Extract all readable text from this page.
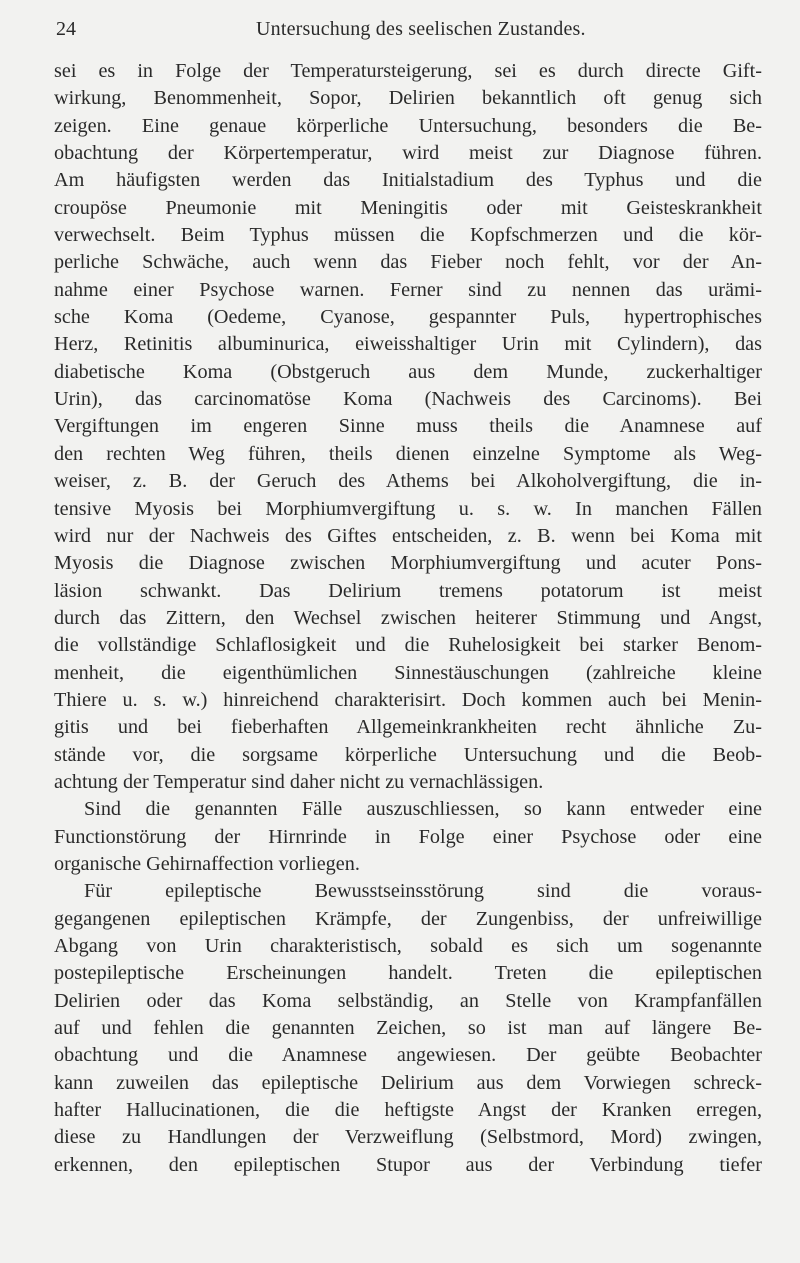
24	Untersuchung des seelischen Zustandes.
sei es in Folge der Temperatursteigerung, sei es durch directe Gift-
wirkung, Benommenheit, Sopor, Delirien bekanntlich oft genug sich
zeigen. Eine genaue körperliche Untersuchung, besonders die Be-
obachtung der Körpertemperatur, wird meist zur Diagnose führen.
Am häufigsten werden das Initialstadium des Typhus und die
croupöse Pneumonie mit Meningitis oder mit Geisteskrankheit
verwechselt. Beim Typhus müssen die Kopfschmerzen und die kör-
perliche Schwäche, auch wenn das Fieber noch fehlt, vor der An-
nahme einer Psychose warnen. Ferner sind zu nennen das urämi-
sche Koma (Oedeme, Cyanose, gespannter Puls, hypertrophisches
Herz, Retinitis albuminurica, eiweisshaltiger Urin mit Cylindern), das
diabetische Koma (Obstgeruch aus dem Munde, zuckerhaltiger
Urin), das carcinomatöse Koma (Nachweis des Carcinoms). Bei
Vergiftungen im engeren Sinne muss theils die Anamnese auf
den rechten Weg führen, theils dienen einzelne Symptome als Weg-
weiser, z. B. der Geruch des Athems bei Alkoholvergiftung, die in-
tensive Myosis bei Morphiumvergiftung u. s. w. In manchen Fällen
wird nur der Nachweis des Giftes entscheiden, z. B. wenn bei Koma mit
Myosis die Diagnose zwischen Morphiumvergiftung und acuter Pons-
läsion schwankt. Das Delirium tremens potatorum ist meist
durch das Zittern, den Wechsel zwischen heiterer Stimmung und Angst,
die vollständige Schlaflosigkeit und die Ruhelosigkeit bei starker Benom-
menheit, die eigenthümlichen Sinnestäuschungen (zahlreiche kleine
Thiere u. s. w.) hinreichend charakterisirt. Doch kommen auch bei Menin-
gitis und bei fieberhaften Allgemeinkrankheiten recht ähnliche Zu-
stände vor, die sorgsame körperliche Untersuchung und die Beob-
achtung der Temperatur sind daher nicht zu vernachlässigen.
Sind die genannten Fälle auszuschliessen, so kann entweder eine
Functionstörung der Hirnrinde in Folge einer Psychose oder eine
organische Gehirnaffection vorliegen.
Für epileptische Bewusstseinsstörung sind die voraus-
gegangenen epileptischen Krämpfe, der Zungenbiss, der unfreiwillige
Abgang von Urin charakteristisch, sobald es sich um sogenannte
postepileptische Erscheinungen handelt. Treten die epileptischen
Delirien oder das Koma selbständig, an Stelle von Krampfanfällen
auf und fehlen die genannten Zeichen, so ist man auf längere Be-
obachtung und die Anamnese angewiesen. Der geübte Beobachter
kann zuweilen das epileptische Delirium aus dem Vorwiegen schreck-
hafter Hallucinationen, die die heftigste Angst der Kranken erregen,
diese zu Handlungen der Verzweiflung (Selbstmord, Mord) zwingen,
erkennen, den epileptischen Stupor aus der Verbindung tiefer
